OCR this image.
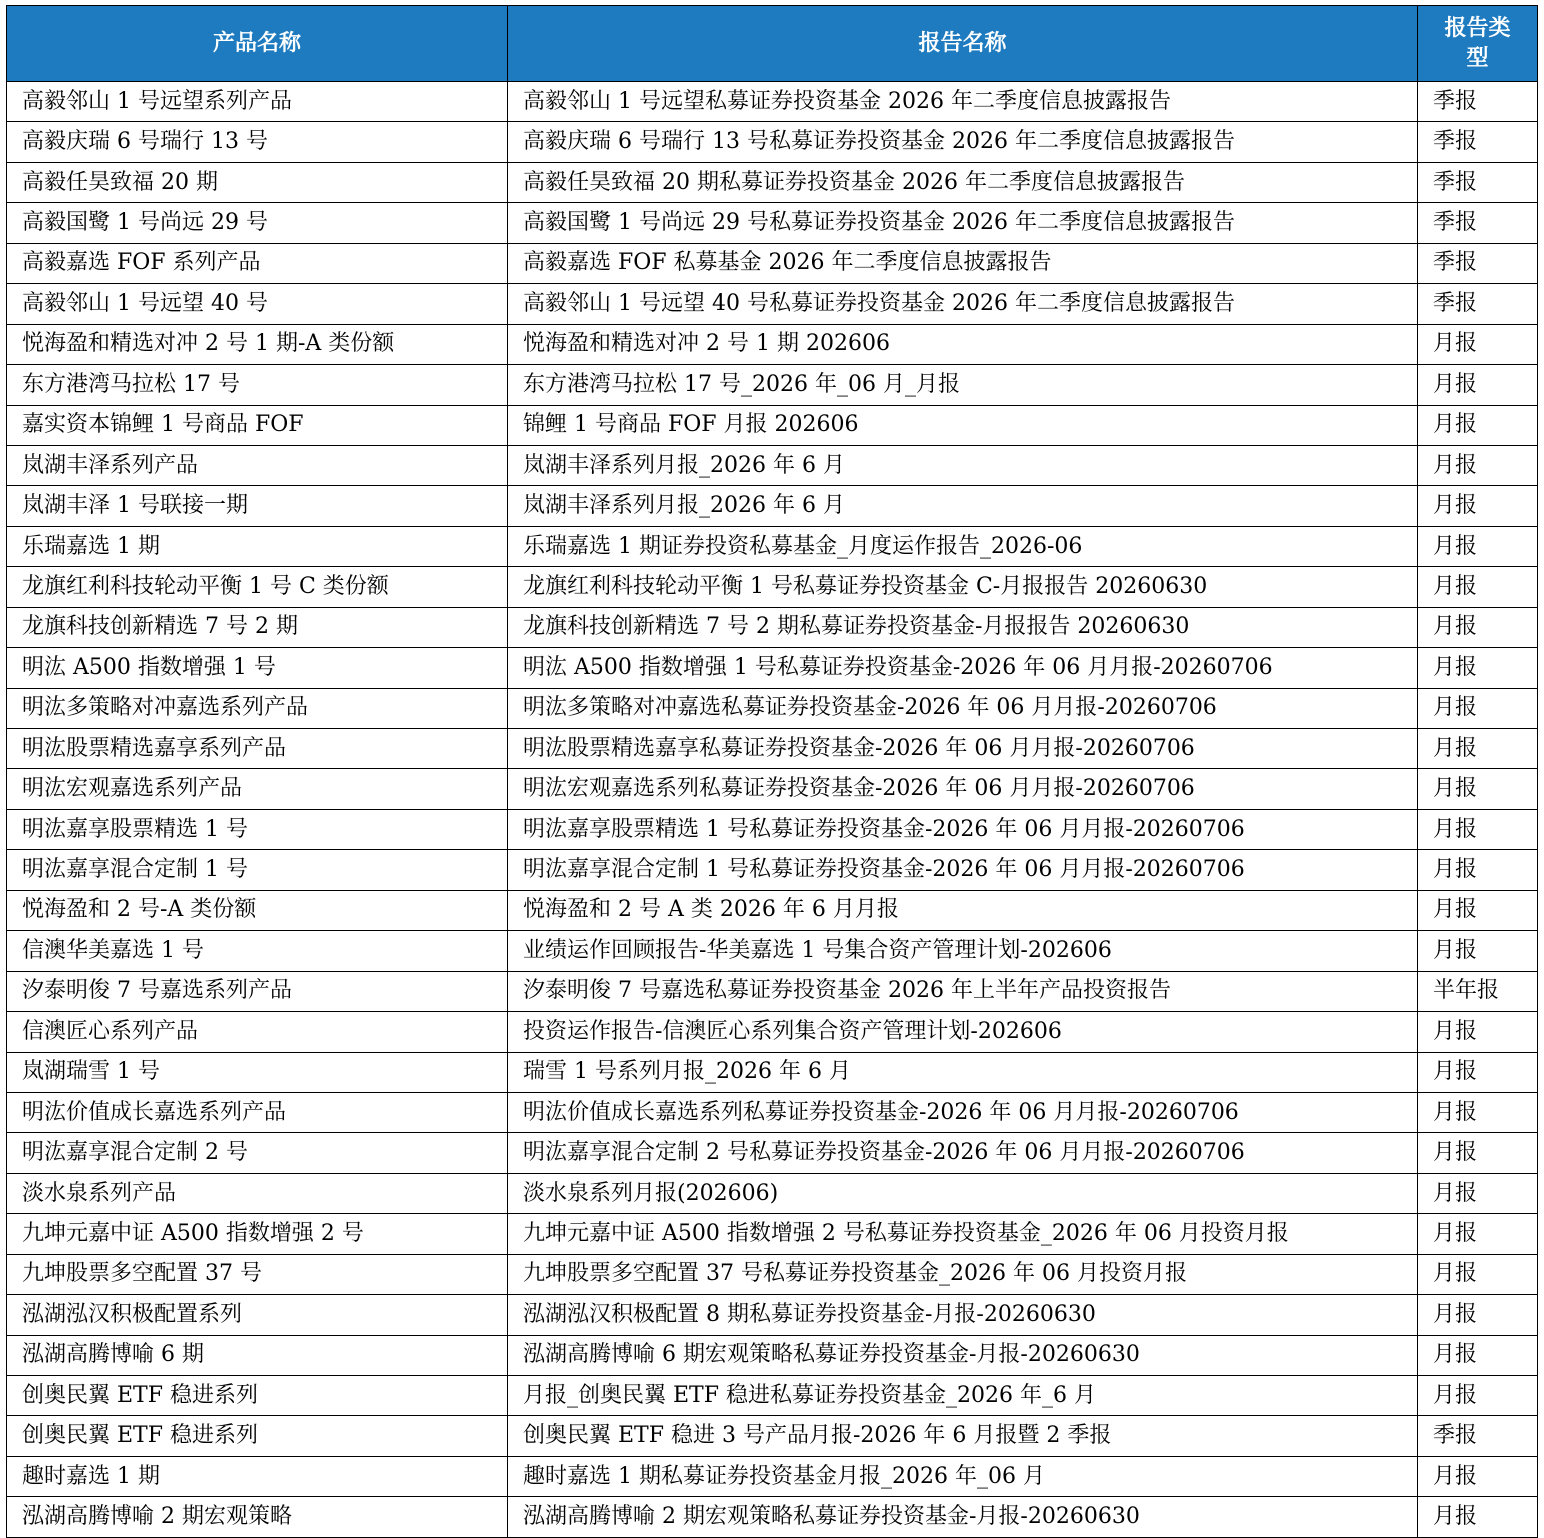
产品名称	报告名称	报告类型
高毅邻山 1 号远望系列产品	高毅邻山 1 号远望私募证券投资基金 2026 年二季度信息披露报告	季报
高毅庆瑞 6 号瑞行 13 号	高毅庆瑞 6 号瑞行 13 号私募证券投资基金 2026 年二季度信息披露报告	季报
高毅任昊致福 20 期	高毅任昊致福 20 期私募证券投资基金 2026 年二季度信息披露报告	季报
高毅国鹭 1 号尚远 29 号	高毅国鹭 1 号尚远 29 号私募证券投资基金 2026 年二季度信息披露报告	季报
高毅嘉选 FOF 系列产品	高毅嘉选 FOF 私募基金 2026 年二季度信息披露报告	季报
高毅邻山 1 号远望 40 号	高毅邻山 1 号远望 40 号私募证券投资基金 2026 年二季度信息披露报告	季报
悦海盈和精选对冲 2 号 1 期-A 类份额	悦海盈和精选对冲 2 号 1 期 202606	月报
东方港湾马拉松 17 号	东方港湾马拉松 17 号_2026 年_06 月_月报	月报
嘉实资本锦鲤 1 号商品 FOF	锦鲤 1 号商品 FOF 月报 202606	月报
岚湖丰泽系列产品	岚湖丰泽系列月报_2026 年 6 月	月报
岚湖丰泽 1 号联接一期	岚湖丰泽系列月报_2026 年 6 月	月报
乐瑞嘉选 1 期	乐瑞嘉选 1 期证券投资私募基金_月度运作报告_2026-06	月报
龙旗红利科技轮动平衡 1 号 C 类份额	龙旗红利科技轮动平衡 1 号私募证券投资基金 C-月报报告 20260630	月报
龙旗科技创新精选 7 号 2 期	龙旗科技创新精选 7 号 2 期私募证券投资基金-月报报告 20260630	月报
明汯 A500 指数增强 1 号	明汯 A500 指数增强 1 号私募证券投资基金-2026 年 06 月月报-20260706	月报
明汯多策略对冲嘉选系列产品	明汯多策略对冲嘉选私募证券投资基金-2026 年 06 月月报-20260706	月报
明汯股票精选嘉享系列产品	明汯股票精选嘉享私募证券投资基金-2026 年 06 月月报-20260706	月报
明汯宏观嘉选系列产品	明汯宏观嘉选系列私募证券投资基金-2026 年 06 月月报-20260706	月报
明汯嘉享股票精选 1 号	明汯嘉享股票精选 1 号私募证券投资基金-2026 年 06 月月报-20260706	月报
明汯嘉享混合定制 1 号	明汯嘉享混合定制 1 号私募证券投资基金-2026 年 06 月月报-20260706	月报
悦海盈和 2 号-A 类份额	悦海盈和 2 号 A 类 2026 年 6 月月报	月报
信澳华美嘉选 1 号	业绩运作回顾报告-华美嘉选 1 号集合资产管理计划-202606	月报
汐泰明俊 7 号嘉选系列产品	汐泰明俊 7 号嘉选私募证券投资基金 2026 年上半年产品投资报告	半年报
信澳匠心系列产品	投资运作报告-信澳匠心系列集合资产管理计划-202606	月报
岚湖瑞雪 1 号	瑞雪 1 号系列月报_2026 年 6 月	月报
明汯价值成长嘉选系列产品	明汯价值成长嘉选系列私募证券投资基金-2026 年 06 月月报-20260706	月报
明汯嘉享混合定制 2 号	明汯嘉享混合定制 2 号私募证券投资基金-2026 年 06 月月报-20260706	月报
淡水泉系列产品	淡水泉系列月报(202606)	月报
九坤元嘉中证 A500 指数增强 2 号	九坤元嘉中证 A500 指数增强 2 号私募证券投资基金_2026 年 06 月投资月报	月报
九坤股票多空配置 37 号	九坤股票多空配置 37 号私募证券投资基金_2026 年 06 月投资月报	月报
泓湖泓汉积极配置系列	泓湖泓汉积极配置 8 期私募证券投资基金-月报-20260630	月报
泓湖高腾博喻 6 期	泓湖高腾博喻 6 期宏观策略私募证券投资基金-月报-20260630	月报
创奥民翼 ETF 稳进系列	月报_创奥民翼 ETF 稳进私募证券投资基金_2026 年_6 月	月报
创奥民翼 ETF 稳进系列	创奥民翼 ETF 稳进 3 号产品月报-2026 年 6 月报暨 2 季报	季报
趣时嘉选 1 期	趣时嘉选 1 期私募证券投资基金月报_2026 年_06 月	月报
泓湖高腾博喻 2 期宏观策略	泓湖高腾博喻 2 期宏观策略私募证券投资基金-月报-20260630	月报
